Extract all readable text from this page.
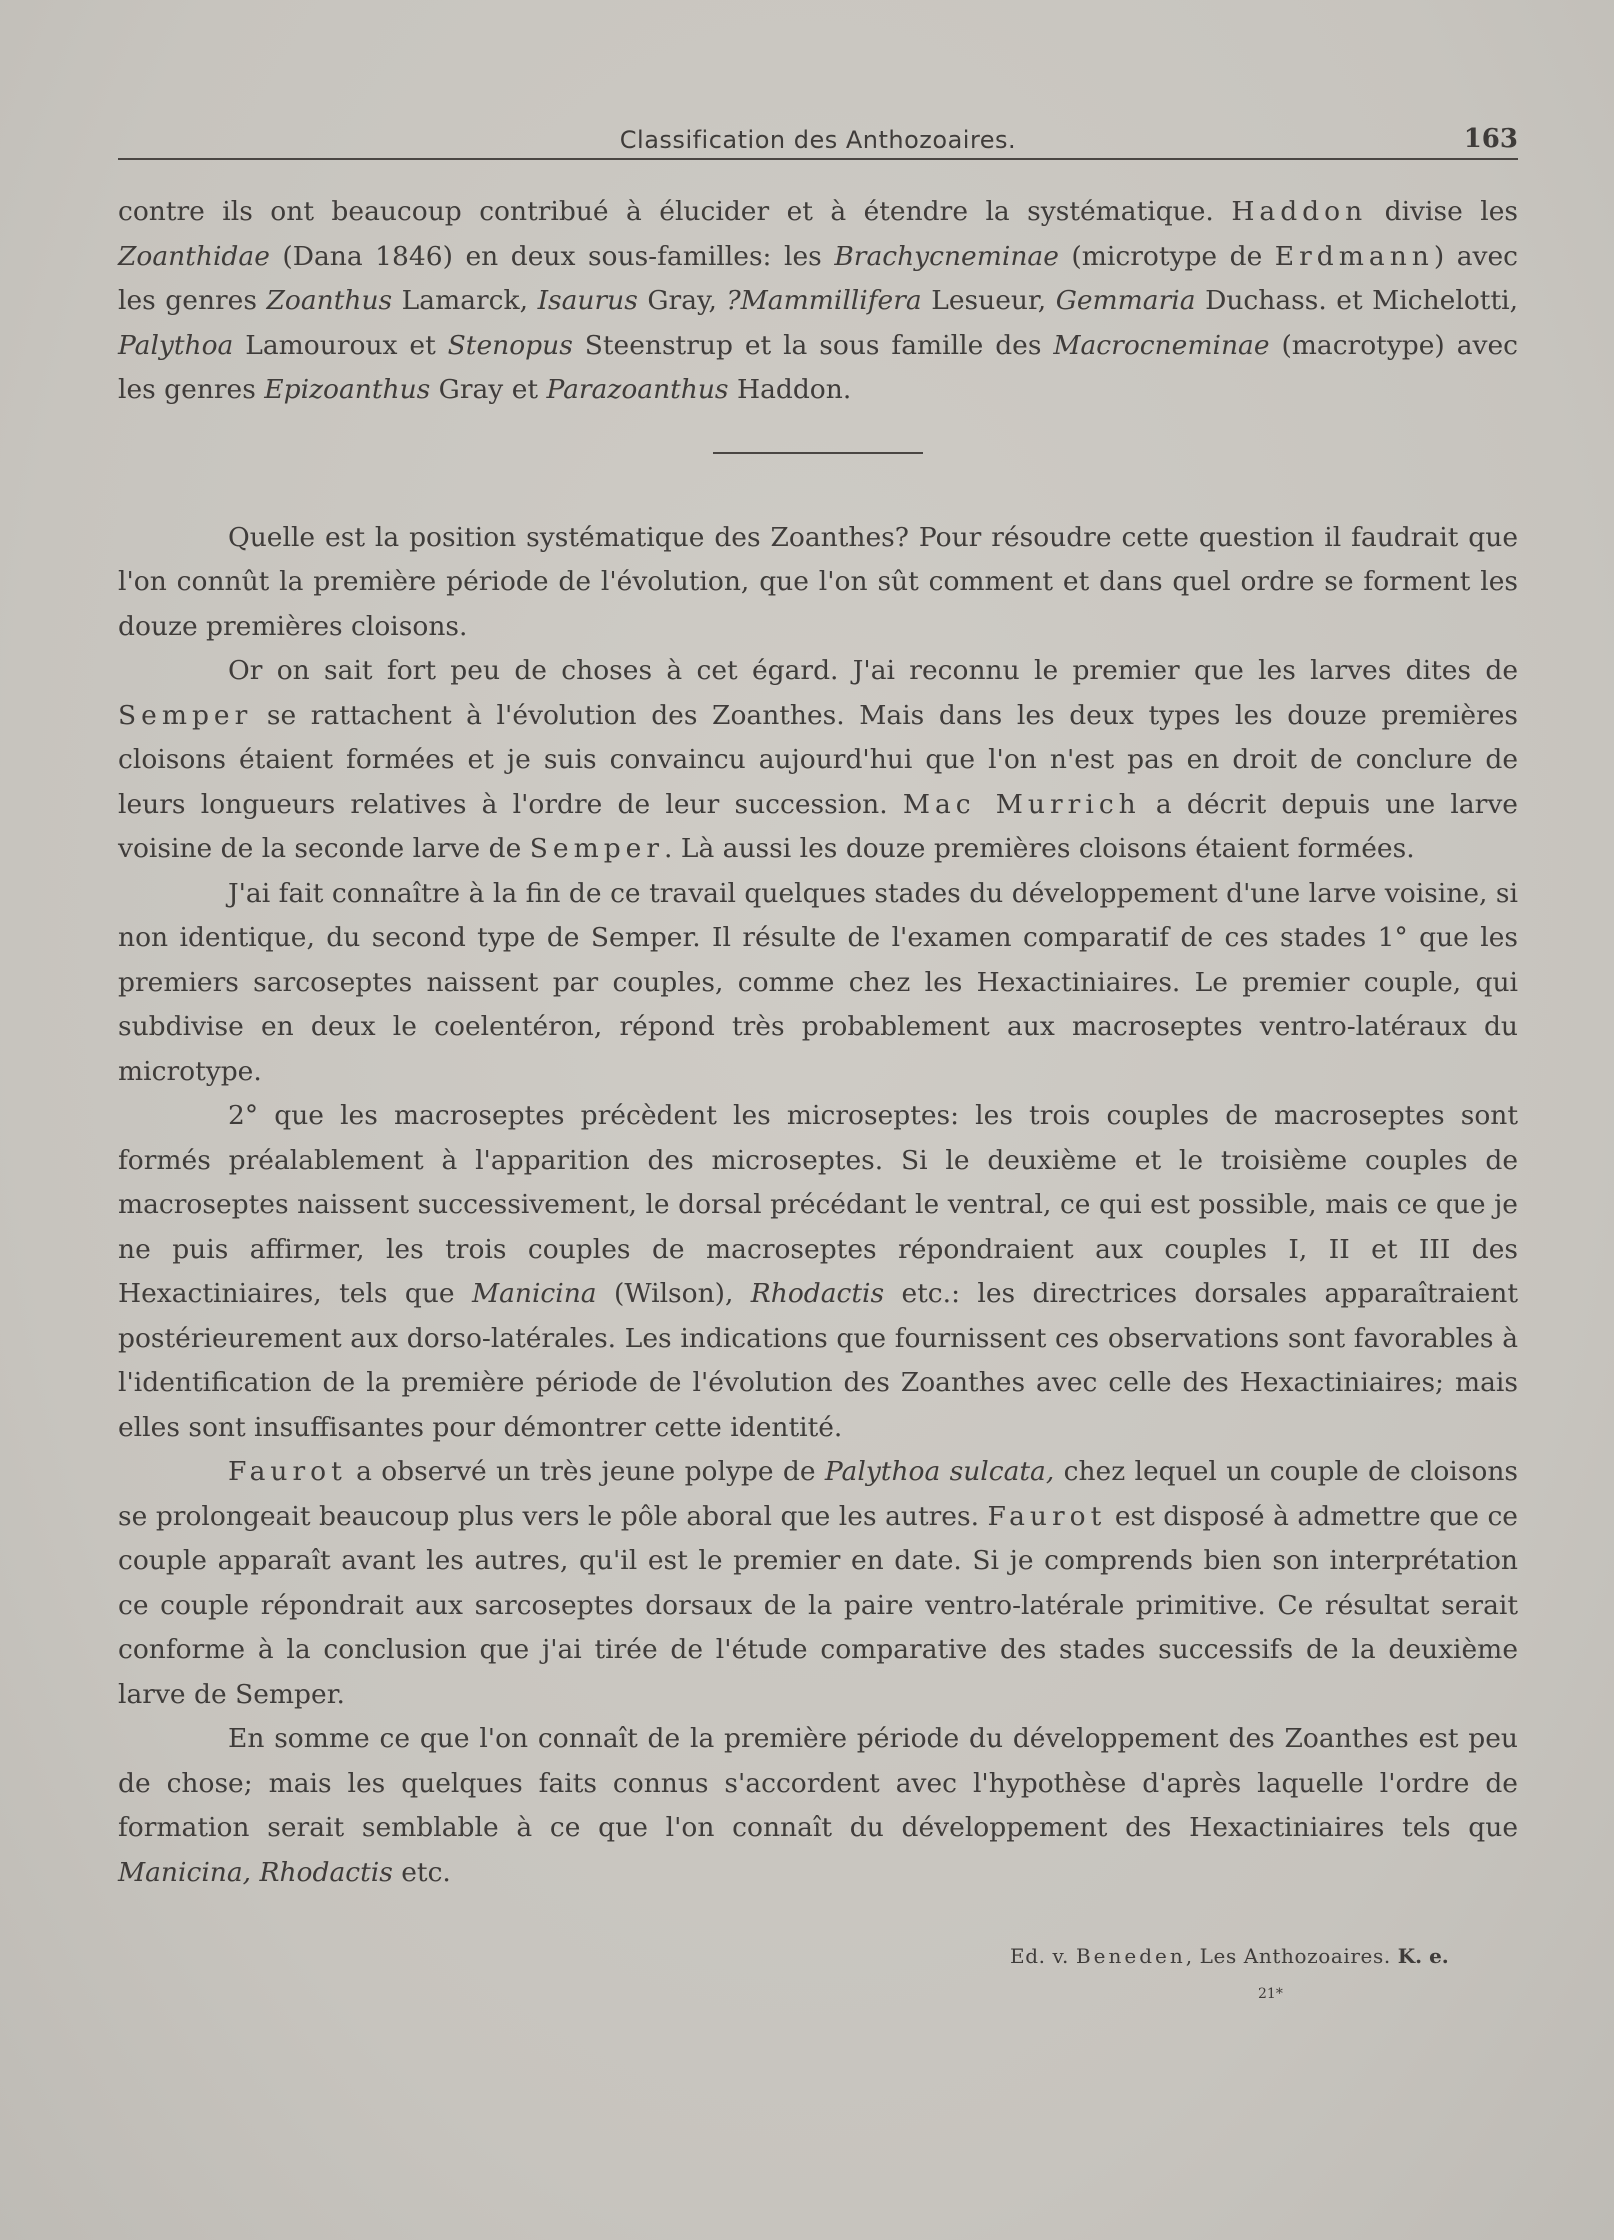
Classification des Anthozoaires.	163

contre ils ont beaucoup contribué à élucider et à étendre la systématique. Haddon divise les Zoanthidae (Dana 1846) en deux sous-familles: les Brachycneminae (microtype de Erdmann) avec les genres Zoanthus Lamarck, Isaurus Gray, ?Mammillifera Lesueur, Gemmaria Duchass. et Michelotti, Palythoa Lamouroux et Stenopus Steenstrup et la sous famille des Macrocneminae (macrotype) avec les genres Epizoanthus Gray et Parazoanthus Haddon.

Quelle est la position systématique des Zoanthes? Pour résoudre cette question il faudrait que l'on connût la première période de l'évolution, que l'on sût comment et dans quel ordre se forment les douze premières cloisons.

Or on sait fort peu de choses à cet égard. J'ai reconnu le premier que les larves dites de Semper se rattachent à l'évolution des Zoanthes. Mais dans les deux types les douze premières cloisons étaient formées et je suis convaincu aujourd'hui que l'on n'est pas en droit de conclure de leurs longueurs relatives à l'ordre de leur succession. Mac Murrich a décrit depuis une larve voisine de la seconde larve de Semper. Là aussi les douze premières cloisons étaient formées.

J'ai fait connaître à la fin de ce travail quelques stades du développement d'une larve voisine, si non identique, du second type de Semper. Il résulte de l'examen comparatif de ces stades 1° que les premiers sarcoseptes naissent par couples, comme chez les Hexactiniaires. Le premier couple, qui subdivise en deux le coelentéron, répond très probablement aux macroseptes ventro-latéraux du microtype.

2° que les macroseptes précèdent les microseptes: les trois couples de macroseptes sont formés préalablement à l'apparition des microseptes. Si le deuxième et le troisième couples de macroseptes naissent successivement, le dorsal précédant le ventral, ce qui est possible, mais ce que je ne puis affirmer, les trois couples de macroseptes répondraient aux couples I, II et III des Hexactiniaires, tels que Manicina (Wilson), Rhodactis etc.: les directrices dorsales apparaîtraient postérieurement aux dorso-latérales. Les indications que fournissent ces observations sont favorables à l'identification de la première période de l'évolution des Zoanthes avec celle des Hexactiniaires; mais elles sont insuffisantes pour démontrer cette identité.

Faurot a observé un très jeune polype de Palythoa sulcata, chez lequel un couple de cloisons se prolongeait beaucoup plus vers le pôle aboral que les autres. Faurot est disposé à admettre que ce couple apparaît avant les autres, qu'il est le premier en date. Si je comprends bien son interprétation ce couple répondrait aux sarcoseptes dorsaux de la paire ventro-latérale primitive. Ce résultat serait conforme à la conclusion que j'ai tirée de l'étude comparative des stades successifs de la deuxième larve de Semper.

En somme ce que l'on connaît de la première période du développement des Zoanthes est peu de chose; mais les quelques faits connus s'accordent avec l'hypothèse d'après laquelle l'ordre de formation serait semblable à ce que l'on connaît du développement des Hexactiniaires tels que Manicina, Rhodactis etc.

Ed. v. Beneden, Les Anthozoaires. K. e.
21*
